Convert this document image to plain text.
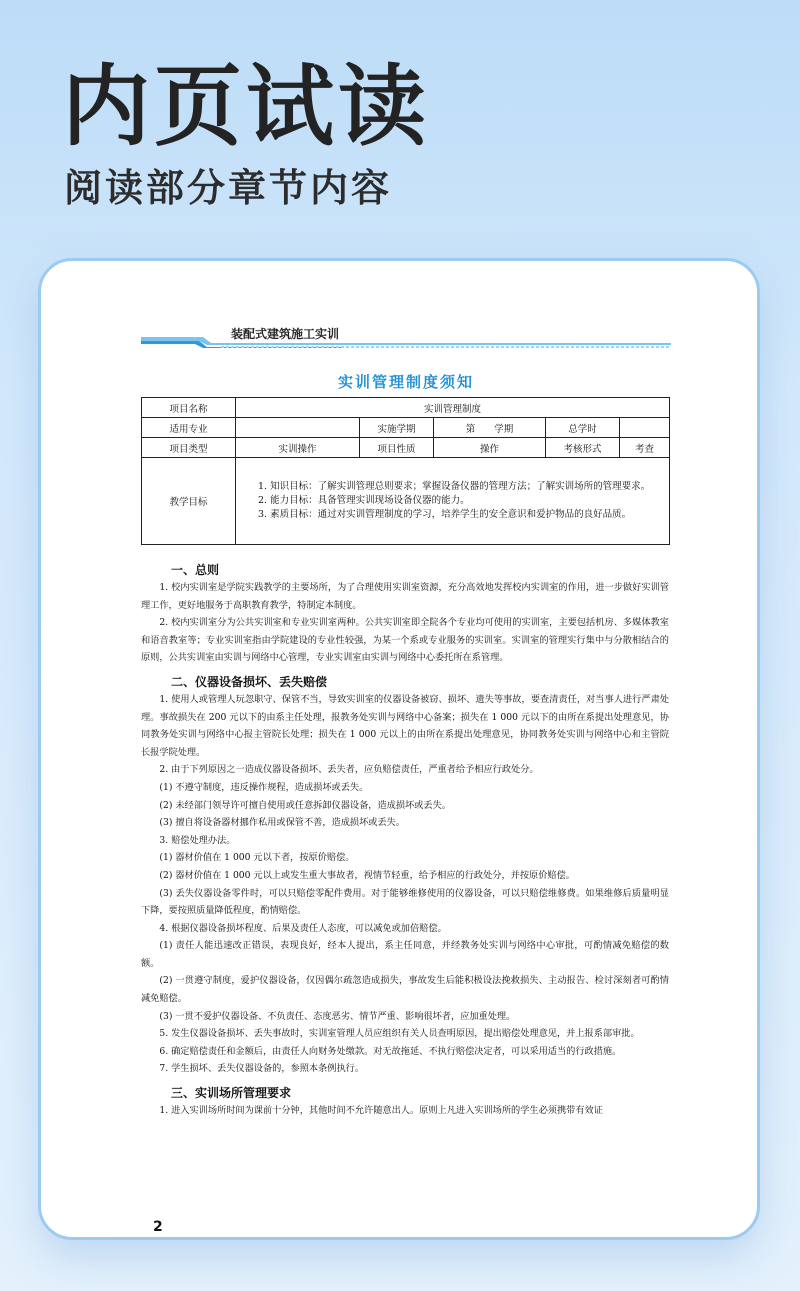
内页试读
阅读部分章节内容
装配式建筑施工实训
实训管理制度须知
项目名称	实训管理制度				
适用专业		实施学期	第　　学期	总学时	
项目类型	实训操作	项目性质	操作	考核形式	考查
教学目标	1. 知识目标：了解实训管理总则要求；掌握设备仪器的管理方法；了解实训场所的管理要求。

2. 能力目标：具备管理实训现场设备仪器的能力。

3. 素质目标：通过对实训管理制度的学习，培养学生的安全意识和爱护物品的良好品质。				

一、总则

1. 校内实训室是学院实践教学的主要场所，为了合理使用实训室资源，充分高效地发挥校内实训室的作用，进一步做好实训管理工作，更好地服务于高职教育教学，特制定本制度。

2. 校内实训室分为公共实训室和专业实训室两种。公共实训室即全院各个专业均可使用的实训室，主要包括机房、多媒体教室和语音教室等；专业实训室指由学院建设的专业性较强，为某一个系或专业服务的实训室。实训室的管理实行集中与分散相结合的原则，公共实训室由实训与网络中心管理，专业实训室由实训与网络中心委托所在系管理。

二、仪器设备损坏、丢失赔偿

1. 使用人或管理人玩忽职守、保管不当，导致实训室的仪器设备被窃、损坏、遗失等事故，要查清责任，对当事人进行严肃处理。事故损失在 200 元以下的由系主任处理，报教务处实训与网络中心备案；损失在 1 000 元以下的由所在系提出处理意见，协同教务处实训与网络中心报主管院长处理；损失在 1 000 元以上的由所在系提出处理意见，协同教务处实训与网络中心和主管院长报学院处理。

2. 由于下列原因之一造成仪器设备损坏、丢失者，应负赔偿责任，严重者给予相应行政处分。

(1) 不遵守制度，违反操作规程，造成损坏或丢失。

(2) 未经部门领导许可擅自使用或任意拆卸仪器设备，造成损坏或丢失。

(3) 擅自将设备器材挪作私用或保管不善，造成损坏或丢失。

3. 赔偿处理办法。

(1) 器材价值在 1 000 元以下者，按原价赔偿。

(2) 器材价值在 1 000 元以上或发生重大事故者，视情节轻重，给予相应的行政处分，并按原价赔偿。

(3) 丢失仪器设备零件时，可以只赔偿零配件费用。对于能够维修使用的仪器设备，可以只赔偿维修费。如果维修后质量明显下降，要按照质量降低程度，酌情赔偿。

4. 根据仪器设备损坏程度、后果及责任人态度，可以减免或加倍赔偿。

(1) 责任人能迅速改正错误，表现良好，经本人提出，系主任同意，并经教务处实训与网络中心审批，可酌情减免赔偿的数额。

(2) 一贯遵守制度，爱护仪器设备，仅因偶尔疏忽造成损失，事故发生后能积极设法挽救损失、主动报告、检讨深刻者可酌情减免赔偿。

(3) 一贯不爱护仪器设备、不负责任、态度恶劣、情节严重、影响很坏者，应加重处理。

5. 发生仪器设备损坏、丢失事故时，实训室管理人员应组织有关人员查明原因，提出赔偿处理意见，并上报系部审批。

6. 确定赔偿责任和金额后，由责任人向财务处缴款。对无故拖延、不执行赔偿决定者，可以采用适当的行政措施。

7. 学生损坏、丢失仪器设备的，参照本条例执行。

三、实训场所管理要求

1. 进入实训场所时间为课前十分钟，其他时间不允许随意出人。原则上凡进入实训场所的学生必须携带有效证

2
